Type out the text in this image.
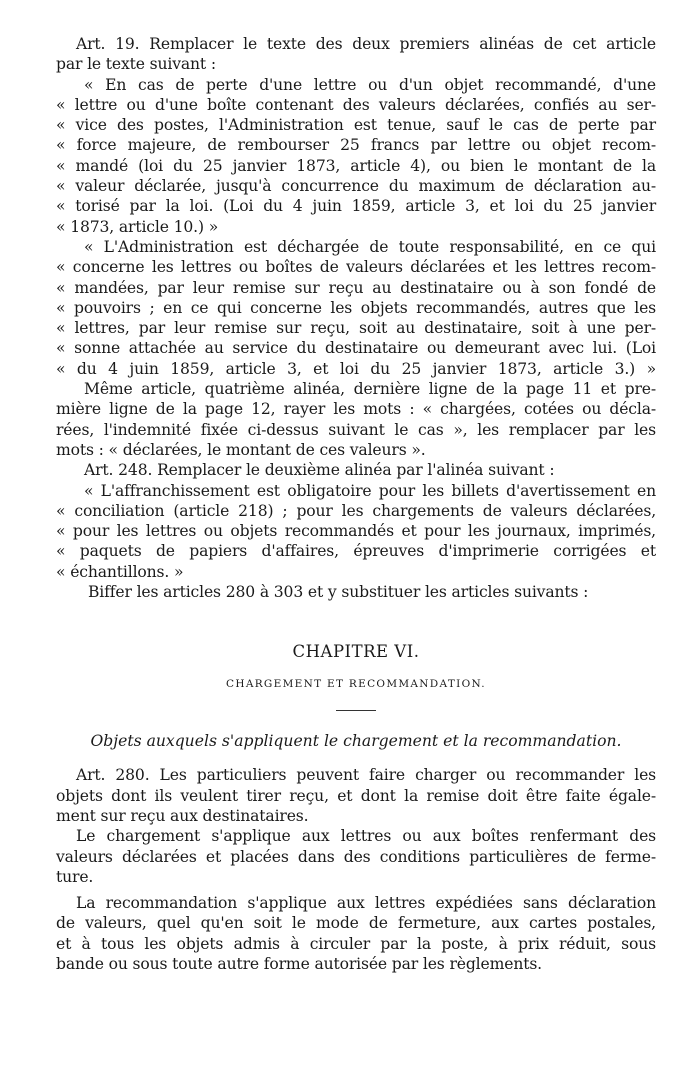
Art. 19. Remplacer le texte des deux premiers alinéas de cet article
par le texte suivant :
« En cas de perte d'une lettre ou d'un objet recommandé, d'une
« lettre ou d'une boîte contenant des valeurs déclarées, confiés au ser-
« vice des postes, l'Administration est tenue, sauf le cas de perte par
« force majeure, de rembourser 25 francs par lettre ou objet recom-
« mandé (loi du 25 janvier 1873, article 4), ou bien le montant de la
« valeur déclarée, jusqu'à concurrence du maximum de déclaration au-
« torisé par la loi. (Loi du 4 juin 1859, article 3, et loi du 25 janvier
« 1873, article 10.) »
« L'Administration est déchargée de toute responsabilité, en ce qui
« concerne les lettres ou boîtes de valeurs déclarées et les lettres recom-
« mandées, par leur remise sur reçu au destinataire ou à son fondé de
« pouvoirs ; en ce qui concerne les objets recommandés, autres que les
« lettres, par leur remise sur reçu, soit au destinataire, soit à une per-
« sonne attachée au service du destinataire ou demeurant avec lui. (Loi
« du 4 juin 1859, article 3, et loi du 25 janvier 1873, article 3.) »
Même article, quatrième alinéa, dernière ligne de la page 11 et pre-
mière ligne de la page 12, rayer les mots : « chargées, cotées ou décla-
rées, l'indemnité fixée ci-dessus suivant le cas », les remplacer par les
mots : « déclarées, le montant de ces valeurs ».
Art. 248. Remplacer le deuxième alinéa par l'alinéa suivant :
« L'affranchissement est obligatoire pour les billets d'avertissement en
« conciliation (article 218) ; pour les chargements de valeurs déclarées,
« pour les lettres ou objets recommandés et pour les journaux, imprimés,
« paquets de papiers d'affaires, épreuves d'imprimerie corrigées et
« échantillons. »
Biffer les articles 280 à 303 et y substituer les articles suivants :
CHAPITRE VI.
CHARGEMENT ET RECOMMANDATION.
Objets auxquels s'appliquent le chargement et la recommandation.
Art. 280. Les particuliers peuvent faire charger ou recommander les
objets dont ils veulent tirer reçu, et dont la remise doit être faite égale-
ment sur reçu aux destinataires.
Le chargement s'applique aux lettres ou aux boîtes renfermant des
valeurs déclarées et placées dans des conditions particulières de ferme-
ture.
La recommandation s'applique aux lettres expédiées sans déclaration
de valeurs, quel qu'en soit le mode de fermeture, aux cartes postales,
et à tous les objets admis à circuler par la poste, à prix réduit, sous
bande ou sous toute autre forme autorisée par les règlements.
